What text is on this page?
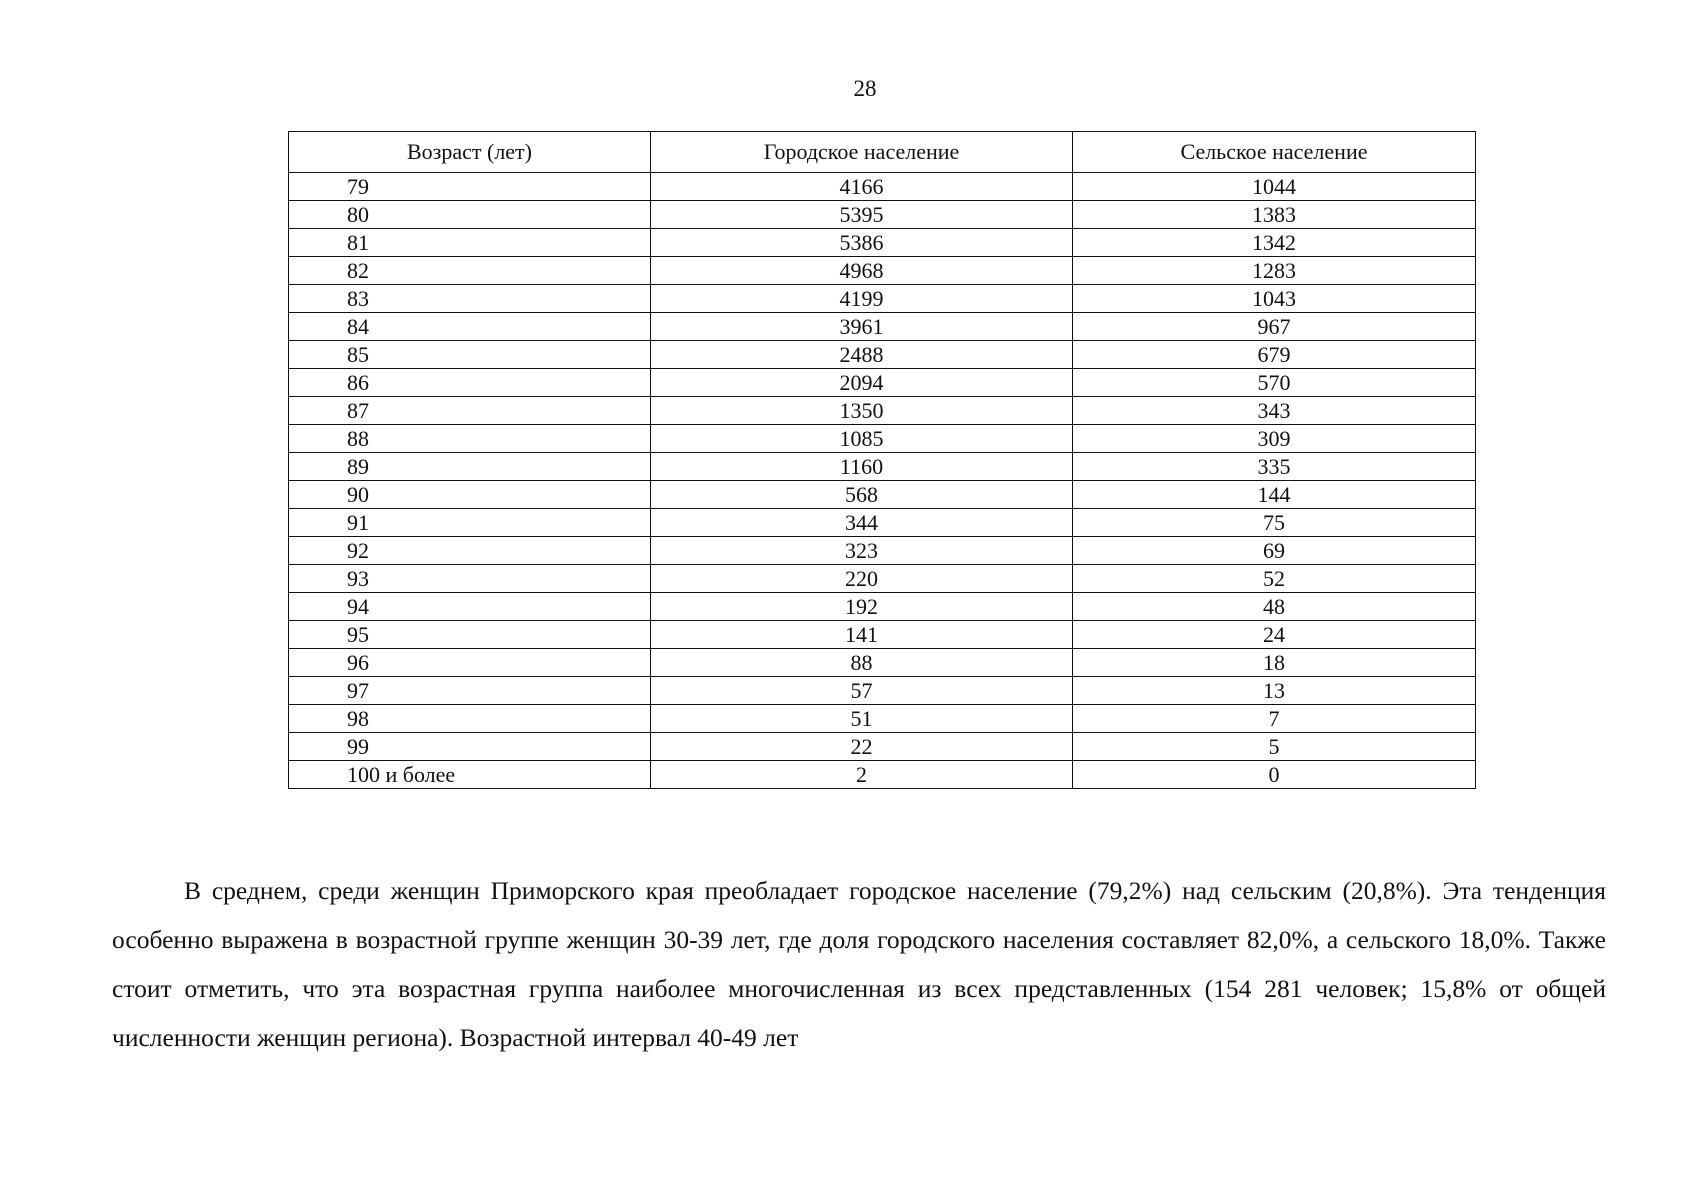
28
Возраст (лет)	Городское население	Сельское население
79	4166	1044
80	5395	1383
81	5386	1342
82	4968	1283
83	4199	1043
84	3961	967
85	2488	679
86	2094	570
87	1350	343
88	1085	309
89	1160	335
90	568	144
91	344	75
92	323	69
93	220	52
94	192	48
95	141	24
96	88	18
97	57	13
98	51	7
99	22	5
100 и более	2	0

В среднем, среди женщин Приморского края преобладает городское население (79,2%) над сельским (20,8%). Эта тенденция особенно выражена в возрастной группе женщин 30-39 лет, где доля городского населения составляет 82,0%, а сельского 18,0%. Также стоит отметить, что эта возрастная группа наиболее многочисленная из всех представленных (154 281 человек; 15,8% от общей численности женщин региона). Возрастной интервал 40-49 лет
